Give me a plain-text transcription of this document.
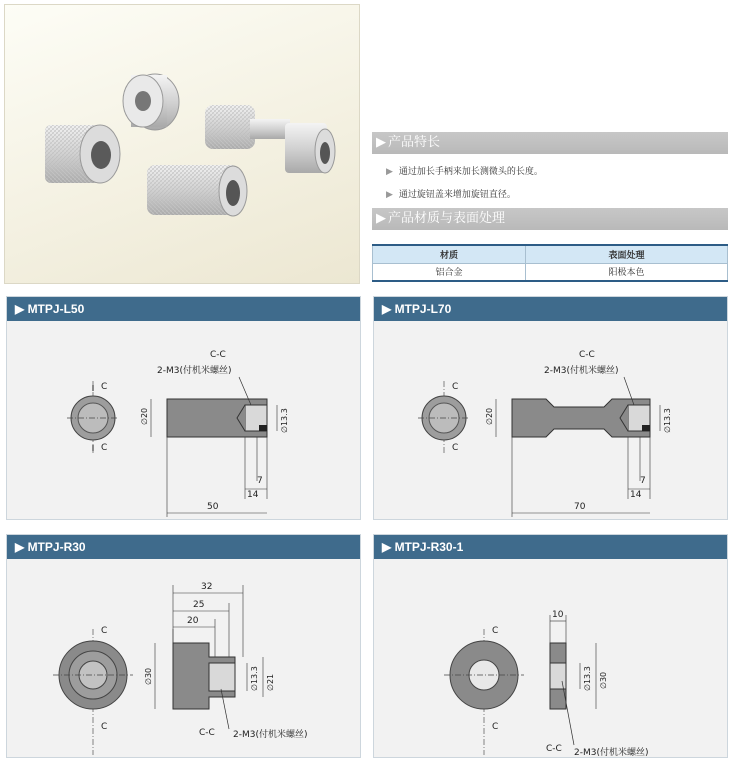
▶ 产品特长
▶ 通过加长手柄来加长测微头的长度。
▶ 通过旋钮盖来增加旋钮直径。
▶ 产品材质与表面处理
材质	表面处理
铝合金	阳极本色
▶ MTPJ-L50
C
C
C-C
2-M3(付机米螺丝)
∅20	∅13.3
7
14
50
▶ MTPJ-L70
C
C
C-C
2-M3(付机米螺丝)
∅20	∅13.3
7
14
70
▶ MTPJ-R30
C
C
32
25
20
∅30	∅13.3 ∅21
C-C 2-M3(付机米螺丝)
▶ MTPJ-R30-1
C
C
10
∅13.3 ∅30
C-C 2-M3(付机米螺丝)
